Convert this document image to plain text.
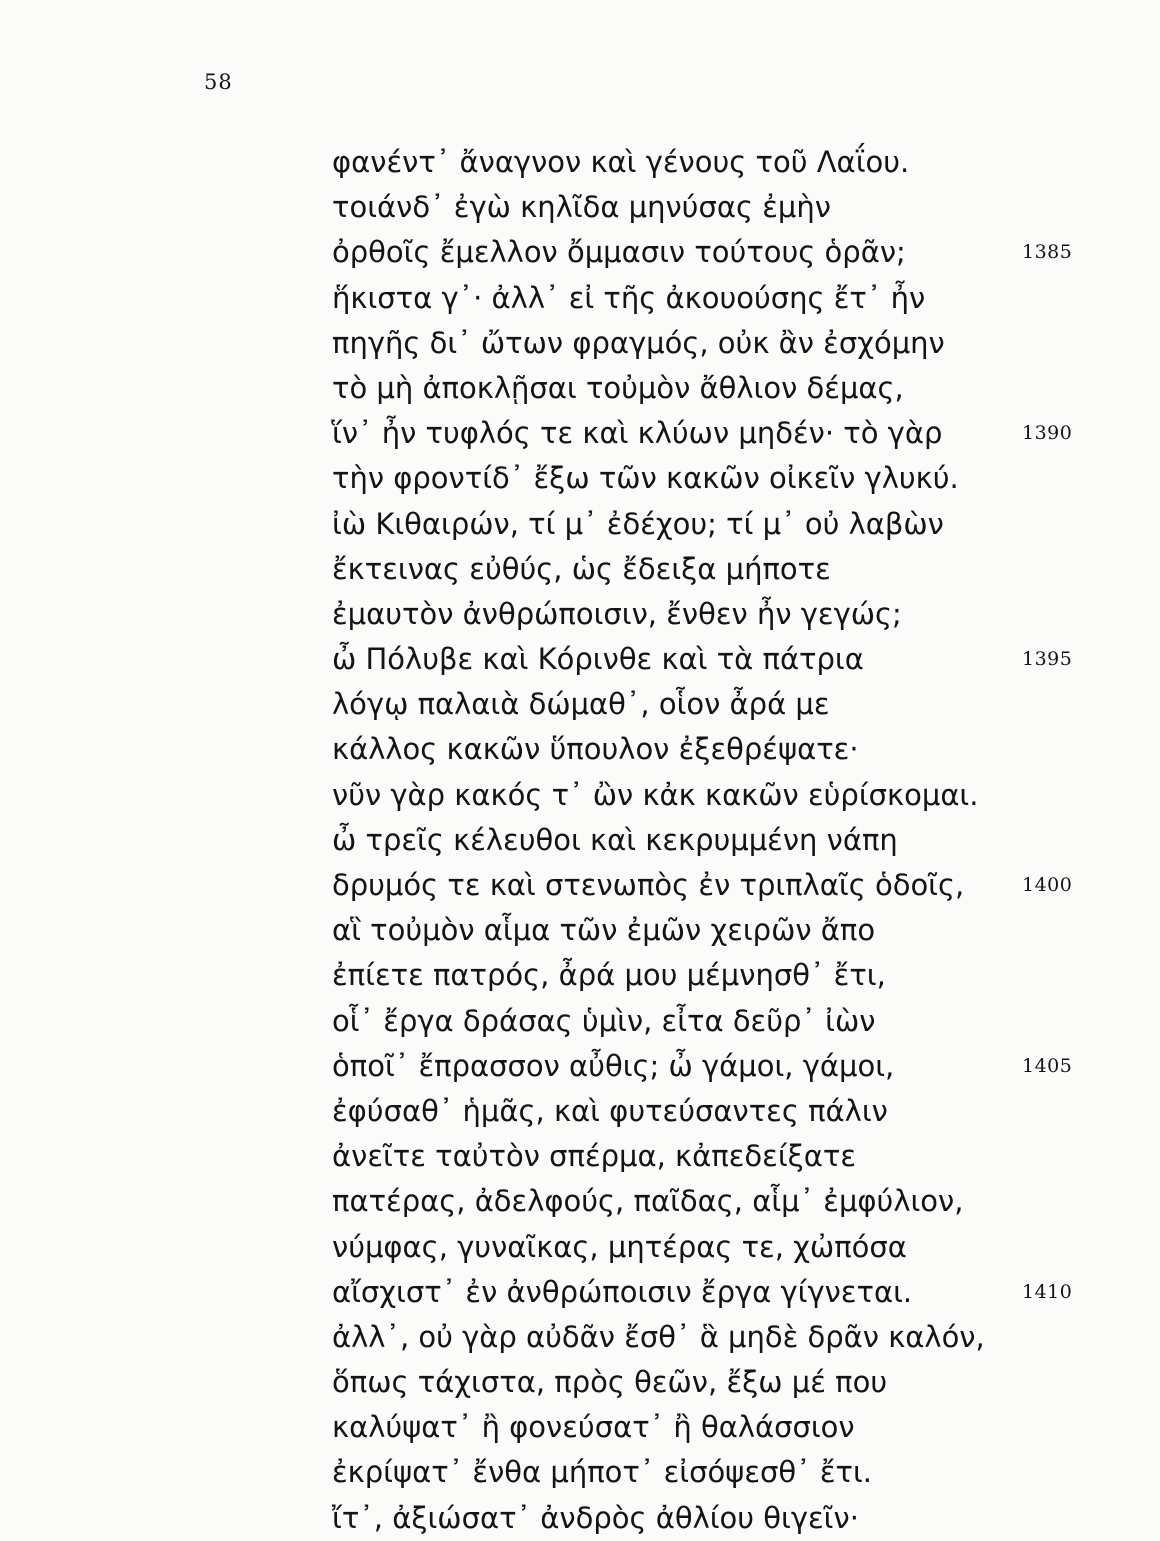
58
φανέντ᾽ ἄναγνον καὶ γένους τοῦ Λαΐου.
τοιάνδ᾽ ἐγὼ κηλῖδα μηνύσας ἐμὴν
ὀρθοῖς ἔμελλον ὄμμασιν τούτους ὁρᾶν;
ἥκιστα γ᾽· ἀλλ᾽ εἰ τῆς ἀκουούσης ἔτ᾽ ἦν
πηγῆς δι᾽ ὤτων φραγμός, οὐκ ἂν ἐσχόμην
τὸ μὴ ἀποκλῇσαι τοὐμὸν ἄθλιον δέμας,
ἵν᾽ ἦν τυφλός τε καὶ κλύων μηδέν· τὸ γὰρ
τὴν φροντίδ᾽ ἔξω τῶν κακῶν οἰκεῖν γλυκύ.
ἰὼ Κιθαιρών, τί μ᾽ ἐδέχου; τί μ᾽ οὐ λαβὼν
ἔκτεινας εὐθύς, ὡς ἔδειξα μήποτε
ἐμαυτὸν ἀνθρώποισιν, ἔνθεν ἦν γεγώς;
ὦ Πόλυβε καὶ Κόρινθε καὶ τὰ πάτρια
λόγῳ παλαιὰ δώμαθ᾽, οἷον ἆρά με
κάλλος κακῶν ὕπουλον ἐξεθρέψατε·
νῦν γὰρ κακός τ᾽ ὢν κἀκ κακῶν εὑρίσκομαι.
ὦ τρεῖς κέλευθοι καὶ κεκρυμμένη νάπη
δρυμός τε καὶ στενωπὸς ἐν τριπλαῖς ὁδοῖς,
αἳ τοὐμὸν αἷμα τῶν ἐμῶν χειρῶν ἄπο
ἐπίετε πατρός, ἆρά μου μέμνησθ᾽ ἔτι,
οἷ᾽ ἔργα δράσας ὑμὶν, εἶτα δεῦρ᾽ ἰὼν
ὁποῖ᾽ ἔπρασσον αὖθις; ὦ γάμοι, γάμοι,
ἐφύσαθ᾽ ἡμᾶς, καὶ φυτεύσαντες πάλιν
ἀνεῖτε ταὐτὸν σπέρμα, κἀπεδείξατε
πατέρας, ἀδελφούς, παῖδας, αἷμ᾽ ἐμφύλιον,
νύμφας, γυναῖκας, μητέρας τε, χὠπόσα
αἴσχιστ᾽ ἐν ἀνθρώποισιν ἔργα γίγνεται.
ἀλλ᾽, οὐ γὰρ αὐδᾶν ἔσθ᾽ ἃ μηδὲ δρᾶν καλόν,
ὅπως τάχιστα, πρὸς θεῶν, ἔξω μέ που
καλύψατ᾽ ἢ φονεύσατ᾽ ἢ θαλάσσιον
ἐκρίψατ᾽ ἔνθα μήποτ᾽ εἰσόψεσθ᾽ ἔτι.
ἴτ᾽, ἀξιώσατ᾽ ἀνδρὸς ἀθλίου θιγεῖν·
1385
1390
1395
1400
1405
1410
